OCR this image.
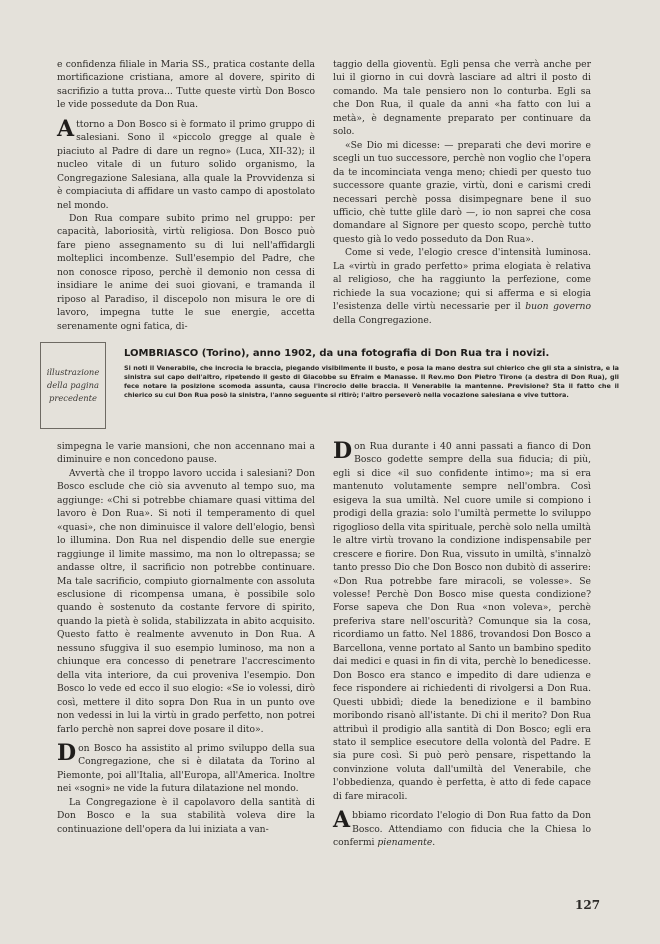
e confidenza filiale in Maria SS., pratica costante della mortificazione cristiana, amore al dovere, spirito di sacrifizio a tutta prova... Tutte queste virtù Don Bosco le vide possedute da Don Rua.

Attorno a Don Bosco si è formato il primo gruppo di salesiani. Sono il «piccolo gregge al quale è piaciuto al Padre di dare un regno» (Luca, XII-32); il nucleo vitale di un futuro solido organismo, la Congregazione Salesiana, alla quale la Provvidenza si è compiaciuta di affidare un vasto campo di apostolato nel mondo.

Don Rua compare subito primo nel gruppo: per capacità, laboriosità, virtù religiosa. Don Bosco può fare pieno assegnamento su di lui nell'affidargli molteplici incombenze. Sull'esempio del Padre, che non conosce riposo, perchè il demonio non cessa di insidiare le anime dei suoi giovani, e tramanda il riposo al Paradiso, il discepolo non misura le ore di lavoro, impegna tutte le sue energie, accetta serenamente ogni fatica, di-

taggio della gioventù. Egli pensa che verrà anche per lui il giorno in cui dovrà lasciare ad altri il posto di comando. Ma tale pensiero non lo conturba. Egli sa che Don Rua, il quale da anni «ha fatto con lui a metà», è degnamente preparato per continuare da solo.

«Se Dio mi dicesse: — preparati che devi morire e scegli un tuo successore, perchè non voglio che l'opera da te incominciata venga meno; chiedi per questo tuo successore quante grazie, virtù, doni e carismi credi necessari perchè possa disimpegnare bene il suo ufficio, chè tutte glile darò —, io non saprei che cosa domandare al Signore per questo scopo, perchè tutto questo già lo vedo posseduto da Don Rua».

Come si vede, l'elogio cresce d'intensità luminosa. La «virtù in grado perfetto» prima elogiata è relativa al religioso, che ha raggiunto la perfezione, come richiede la sua vocazione; qui si afferma e si elogia l'esistenza delle virtù necessarie per il buon governo della Congregazione.

illustrazione
della pagina
precedente
LOMBRIASCO (Torino), anno 1902, da una fotografia di Don Rua tra i novizi.
Si noti il Venerabile, che incrocia le braccia, piegando visibilmente il busto, e posa la mano destra sul chierico che gli sta a sinistra, e la sinistra sul capo dell'altro, ripetendo il gesto di Giacobbe su Efraim e Manasse. Il Rev.mo Don Pietro Tirone (a destra di Don Rua), gli fece notare la posizione scomoda assunta, causa l'incrocio delle braccia. Il Venerabile la mantenne. Previsione? Sta il fatto che il chierico su cui Don Rua posò la sinistra, l'anno seguente si ritirò; l'altro perseverò nella vocazione salesiana e vive tuttora.

simpegna le varie mansioni, che non accennano mai a diminuire e non concedono pause.

Avvertà che il troppo lavoro uccida i salesiani? Don Bosco esclude che ciò sia avvenuto al tempo suo, ma aggiunge: «Chi si potrebbe chiamare quasi vittima del lavoro è Don Rua». Si noti il temperamento di quel «quasi», che non diminuisce il valore dell'elogio, bensì lo illumina. Don Rua nel dispendio delle sue energie raggiunge il limite massimo, ma non lo oltrepassa; se andasse oltre, il sacrificio non potrebbe continuare. Ma tale sacrificio, compiuto giornalmente con assoluta esclusione di ricompensa umana, è possibile solo quando è sostenuto da costante fervore di spirito, quando la pietà è solida, stabilizzata in abito acquisito. Questo fatto è realmente avvenuto in Don Rua. A nessuno sfuggiva il suo esempio luminoso, ma non a chiunque era concesso di penetrare l'accrescimento della vita interiore, da cui proveniva l'esempio. Don Bosco lo vede ed ecco il suo elogio: «Se io volessi, dirò così, mettere il dito sopra Don Rua in un punto ove non vedessi in lui la virtù in grado perfetto, non potrei farlo perchè non saprei dove posare il dito».

Don Bosco ha assistito al primo sviluppo della sua Congregazione, che si è dilatata da Torino al Piemonte, poi all'Italia, all'Europa, all'America. Inoltre nei «sogni» ne vide la futura dilatazione nel mondo.

La Congregazione è il capolavoro della santità di Don Bosco e la sua stabilità voleva dire la continuazione dell'opera da lui iniziata a van-

Don Rua durante i 40 anni passati a fianco di Don Bosco godette sempre della sua fiducia; di più, egli si dice «il suo confidente intimo»; ma si era mantenuto volutamente sempre nell'ombra. Così esigeva la sua umiltà. Nel cuore umile si compiono i prodigi della grazia: solo l'umiltà permette lo sviluppo rigoglioso della vita spirituale, perchè solo nella umiltà le altre virtù trovano la condizione indispensabile per crescere e fiorire. Don Rua, vissuto in umiltà, s'innalzò tanto presso Dio che Don Bosco non dubitò di asserire: «Don Rua potrebbe fare miracoli, se volesse». Se volesse! Perchè Don Bosco mise questa condizione? Forse sapeva che Don Rua «non voleva», perchè preferiva stare nell'oscurità? Comunque sia la cosa, ricordiamo un fatto. Nel 1886, trovandosi Don Bosco a Barcellona, venne portato al Santo un bambino spedito dai medici e quasi in fin di vita, perchè lo benedicesse. Don Bosco era stanco e impedito di dare udienza e fece rispondere ai richiedenti di rivolgersi a Don Rua. Questi ubbidì; diede la benedizione e il bambino moribondo risanò all'istante. Di chi il merito? Don Rua attribuì il prodigio alla santità di Don Bosco; egli era stato il semplice esecutore della volontà del Padre. E sia pure così. Si può però pensare, rispettando la convinzione voluta dall'umiltà del Venerabile, che l'obbedienza, quando è perfetta, è atto di fede capace di fare miracoli.

Abbiamo ricordato l'elogio di Don Rua fatto da Don Bosco. Attendiamo con fiducia che la Chiesa lo confermi pienamente.

127
